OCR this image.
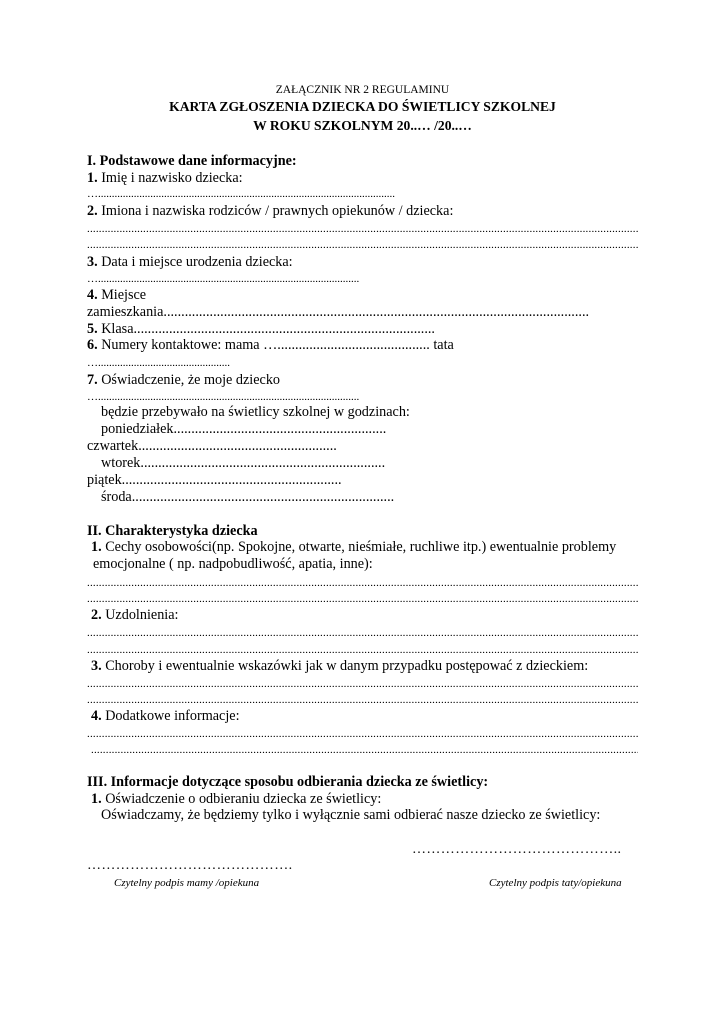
ZAŁĄCZNIK NR 2 REGULAMINU
KARTA ZGŁOSZENIA DZIECKA DO ŚWIETLICY SZKOLNEJ
W ROKU SZKOLNYM 20..… /20..…
I. Podstawowe dane informacyjne:
1. Imię i nazwisko dziecka:
…............................................................................................................
2. Imiona i nazwiska rodziców / prawnych opiekunów / dziecka:
.....
.....
3. Data i miejsce urodzenia dziecka:
…...............................................................................................
4. Miejsce
zamieszkania........................................................................................................................
5. Klasa.....................................................................................
6. Numery kontaktowe: mama …........................................... tata
…................................................
7. Oświadczenie, że moje dziecko
…...............................................................................................
będzie przebywało na świetlicy szkolnej w godzinach:
poniedziałek............................................................
czwartek........................................................
wtorek.....................................................................
piątek..............................................................
środa..........................................................................
II. Charakterystyka dziecka
1. Cechy osobowości(np. Spokojne, otwarte, nieśmiałe, ruchliwe itp.) ewentualnie problemy
emocjonalne ( np. nadpobudliwość, apatia, inne):
.....
.....
2. Uzdolnienia:
.....
.....
3. Choroby i ewentualnie wskazówki jak w danym przypadku postępować z dzieckiem:
.....
.....
4. Dodatkowe informacje:
.....
.....
III. Informacje dotyczące sposobu odbierania dziecka ze świetlicy:
1. Oświadczenie o odbieraniu dziecka ze świetlicy:
Oświadczamy, że będziemy tylko i wyłącznie sami odbierać nasze dziecko ze świetlicy:
……………………………………..
…………………………………….
Czytelny podpis mamy /opiekuna	Czytelny podpis taty/opiekuna
